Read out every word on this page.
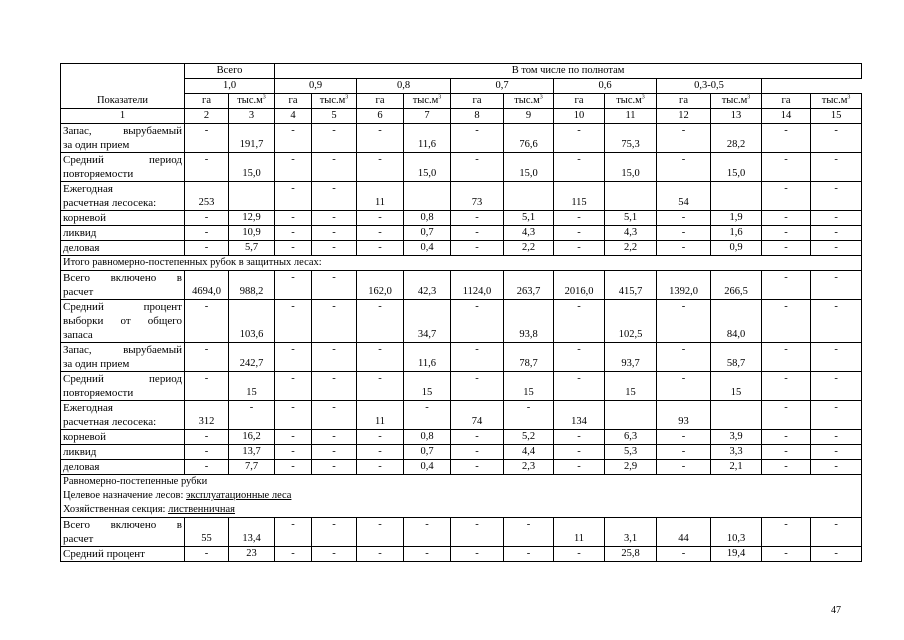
Показатели	Всего		В том числе по полнотам											
	1,0		0,9		0,8		0,7		0,6		0,3-0,5			
	га	$тыс.м^3$	га	$тыс.м^3$	га	$тыс.м^3$	га	$тыс.м^3$	га	$тыс.м^3$	га	$тыс.м^3$	га	$тыс.м^3$
1	2	3	4	5	6	7	8	9	10	11	12	13	14	15

Запас, вырубаемый
за один прием	-	191,7	-	-	-	11,6	-	76,6	-	75,3	-	28,2	-	-

Средний период
повторяемости	-	15,0	-	-	-	15,0	-	15,0	-	15,0	-	15,0	-	-

Ежегодная
расчетная лесосека:	253		-	-	11		73		115		54		-	-

корневой	-	12,9	-	-	-	0,8	-	5,1	-	5,1	-	1,9	-	-

ликвид	-	10,9	-	-	-	0,7	-	4,3	-	4,3	-	1,6	-	-

деловая	-	5,7	-	-	-	0,4	-	2,2	-	2,2	-	0,9	-	-

Итого равномерно-постепенных рубок в защитных лесах:														

Всего включено в
расчет	4694,0	988,2	-	-	162,0	42,3	1124,0	263,7	2016,0	415,7	1392,0	266,5	-	-

Средний процент
выборки от общего
запаса	-	103,6	-	-	-	34,7	-	93,8	-	102,5	-	84,0	-	-

Запас, вырубаемый
за один прием	-	242,7	-	-	-	11,6	-	78,7	-	93,7	-	58,7	-	-

Средний период
повторяемости	-	15	-	-	-	15	-	15	-	15	-	15	-	-

Ежегодная
расчетная лесосека:	312	-	-	-	11	-	74	-	134		93		-	-

корневой	-	16,2	-	-	-	0,8	-	5,2	-	6,3	-	3,9	-	-

ликвид	-	13,7	-	-	-	0,7	-	4,4	-	5,3	-	3,3	-	-

деловая	-	7,7	-	-	-	0,4	-	2,3	-	2,9	-	2,1	-	-

Равномерно-постепенные рубки
Целевое назначение лесов: эксплуатационные леса
Хозяйственная секция: лиственничная														

Всего включено в
расчет	55	13,4	-	-	-	-	-	-	11	3,1	44	10,3	-	-

Средний процент	-	23	-	-	-	-	-	-	-	25,8	-	19,4	-	-
47
